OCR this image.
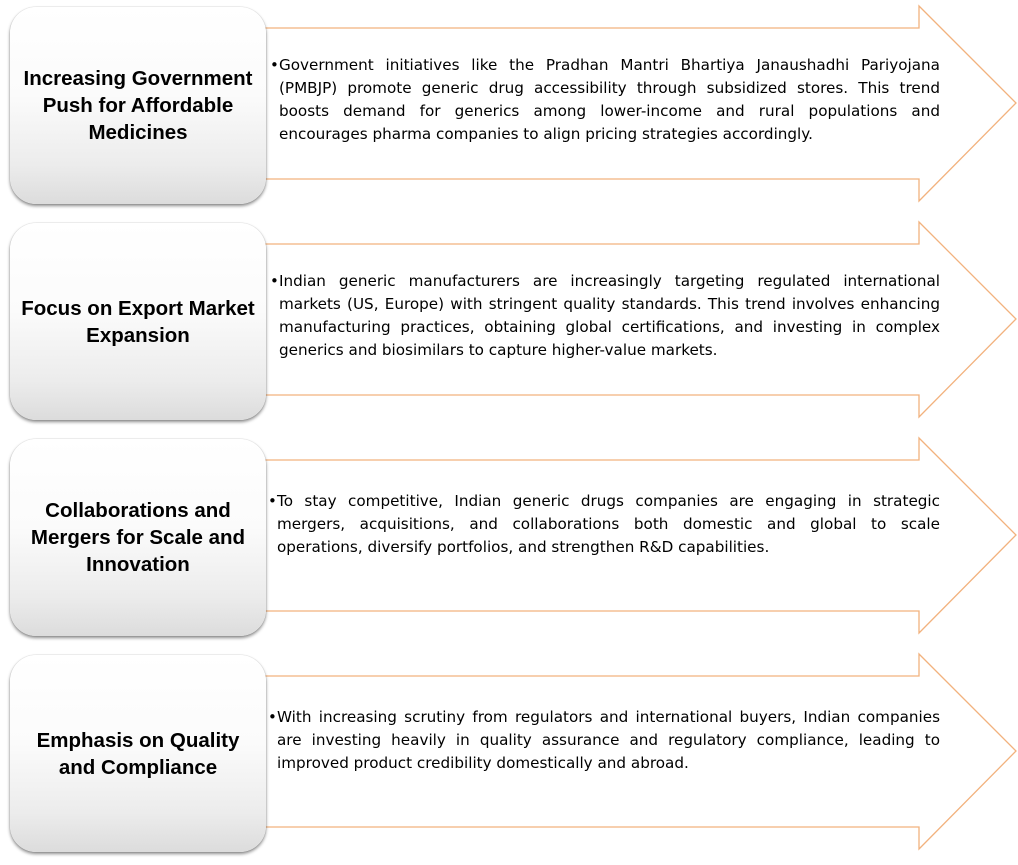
Increasing Government Push for Affordable Medicines
• Government initiatives like the Pradhan Mantri Bhartiya Janaushadhi Pariyojana (PMBJP) promote generic drug accessibility through subsidized stores. This trend boosts demand for generics among lower-income and rural populations and encourages pharma companies to align pricing strategies accordingly.
Focus on Export Market Expansion
• Indian generic manufacturers are increasingly targeting regulated international markets (US, Europe) with stringent quality standards. This trend involves enhancing manufacturing practices, obtaining global certifications, and investing in complex generics and biosimilars to capture higher-value markets.
Collaborations and Mergers for Scale and Innovation
• To stay competitive, Indian generic drugs companies are engaging in strategic mergers, acquisitions, and collaborations both domestic and global to scale operations, diversify portfolios, and strengthen R&D capabilities.
Emphasis on Quality and Compliance
• With increasing scrutiny from regulators and international buyers, Indian companies are investing heavily in quality assurance and regulatory compliance, leading to improved product credibility domestically and abroad.
